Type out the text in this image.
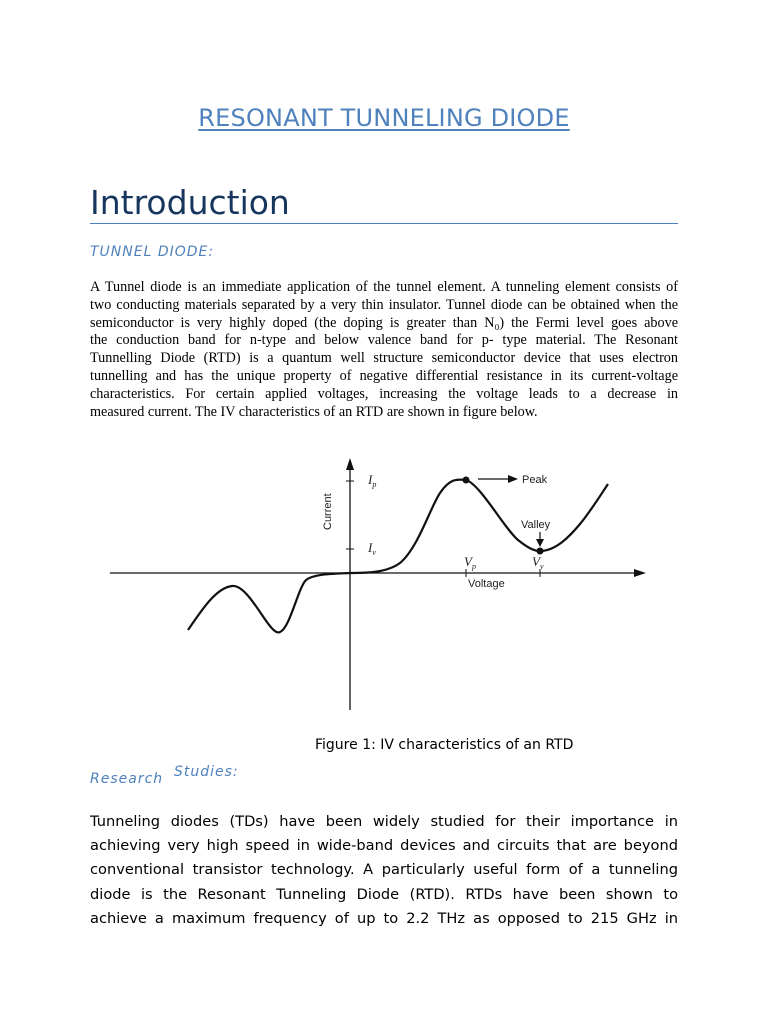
RESONANT TUNNELING DIODE
Introduction
TUNNEL DIODE:
A Tunnel diode is an immediate application of the tunnel element. A tunneling element consists of
two conducting materials separated by a very thin insulator. Tunnel diode can be obtained when the
semiconductor is very highly doped (the doping is greater than N₀) the Fermi level goes above
the conduction band for n-type and below valence band for p- type material. The Resonant
Tunnelling Diode (RTD) is a quantum well structure semiconductor device that uses electron
tunnelling and has the unique property of negative differential resistance in its current-voltage
characteristics. For certain applied voltages, increasing the voltage leads to a decrease in
measured current. The IV characteristics of an RTD are shown in figure below.
Peak
Valley
Current
Voltage
$I_p$
$I_v$
$V_p$	$V_v$
Figure 1: IV characteristics of an RTD
Research Studies:
Tunneling diodes (TDs) have been widely studied for their importance in
achieving very high speed in wide-band devices and circuits that are beyond
conventional transistor technology. A particularly useful form of a tunneling
diode is the Resonant Tunneling Diode (RTD). RTDs have been shown to
achieve a maximum frequency of up to 2.2 THz as opposed to 215 GHz in
